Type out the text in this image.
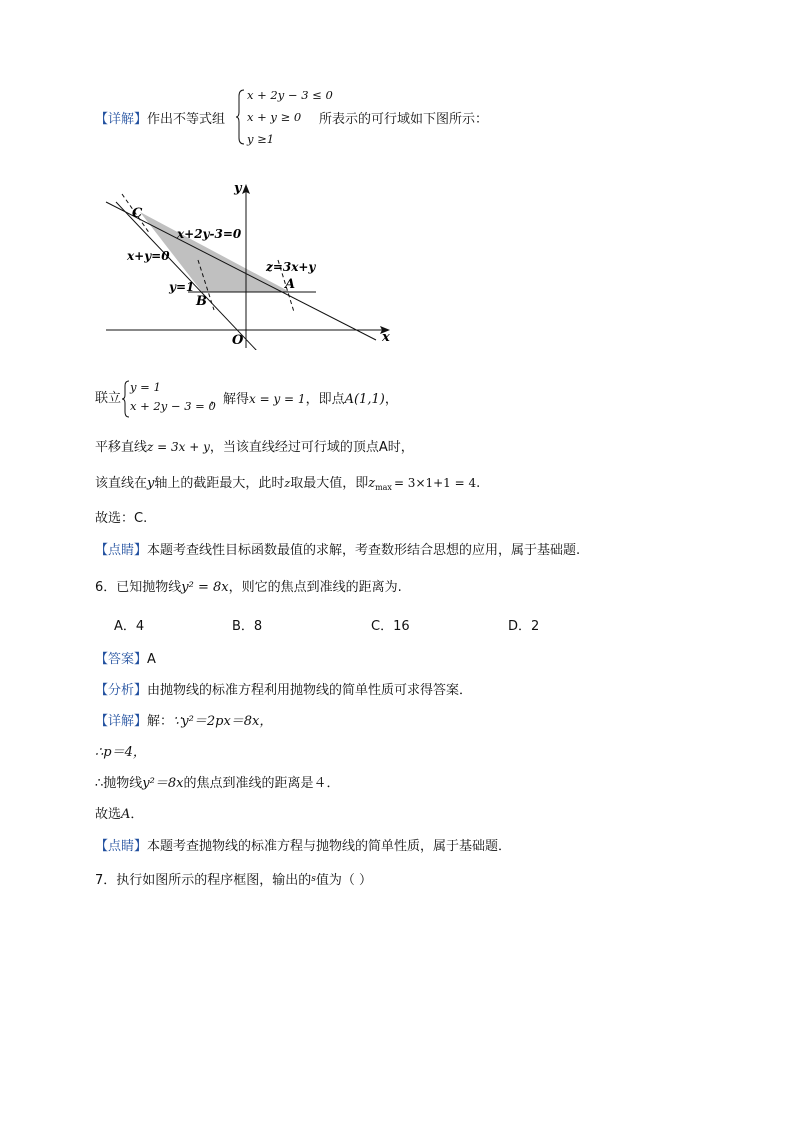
【详解】作出不等式组
x + 2y − 3 ≤ 0
x + y ≥ 0
y ≥1
所表示的可行域如下图所示：
y
x
O
C
A
B
x+2y-3=0
x+y=0
y=1
z=3x+y
联立
y = 1
x + 2y − 3 = 0
，解得x = y = 1，即点A(1,1)，
平移直线z = 3x + y，当该直线经过可行域的顶点A时，
该直线在y轴上的截距最大，此时z取最大值，即$z_{max} = 3\times 1+1 = 4$.
故选：C.
【点睛】本题考查线性目标函数最值的求解，考查数形结合思想的应用，属于基础题.
6．已知抛物线y² = 8x，则它的焦点到准线的距离为.
A．4	B．8	C．16	D．2
【答案】A
【分析】由抛物线的标准方程利用抛物线的简单性质可求得答案．
【详解】解：∵y²＝2px＝8x，
∴p＝4，
∴抛物线y²＝8x的焦点到准线的距离是４．
故选A．
【点睛】本题考查抛物线的标准方程与抛物线的简单性质，属于基础题．
7．执行如图所示的程序框图，输出的$^s$值为（ ）
